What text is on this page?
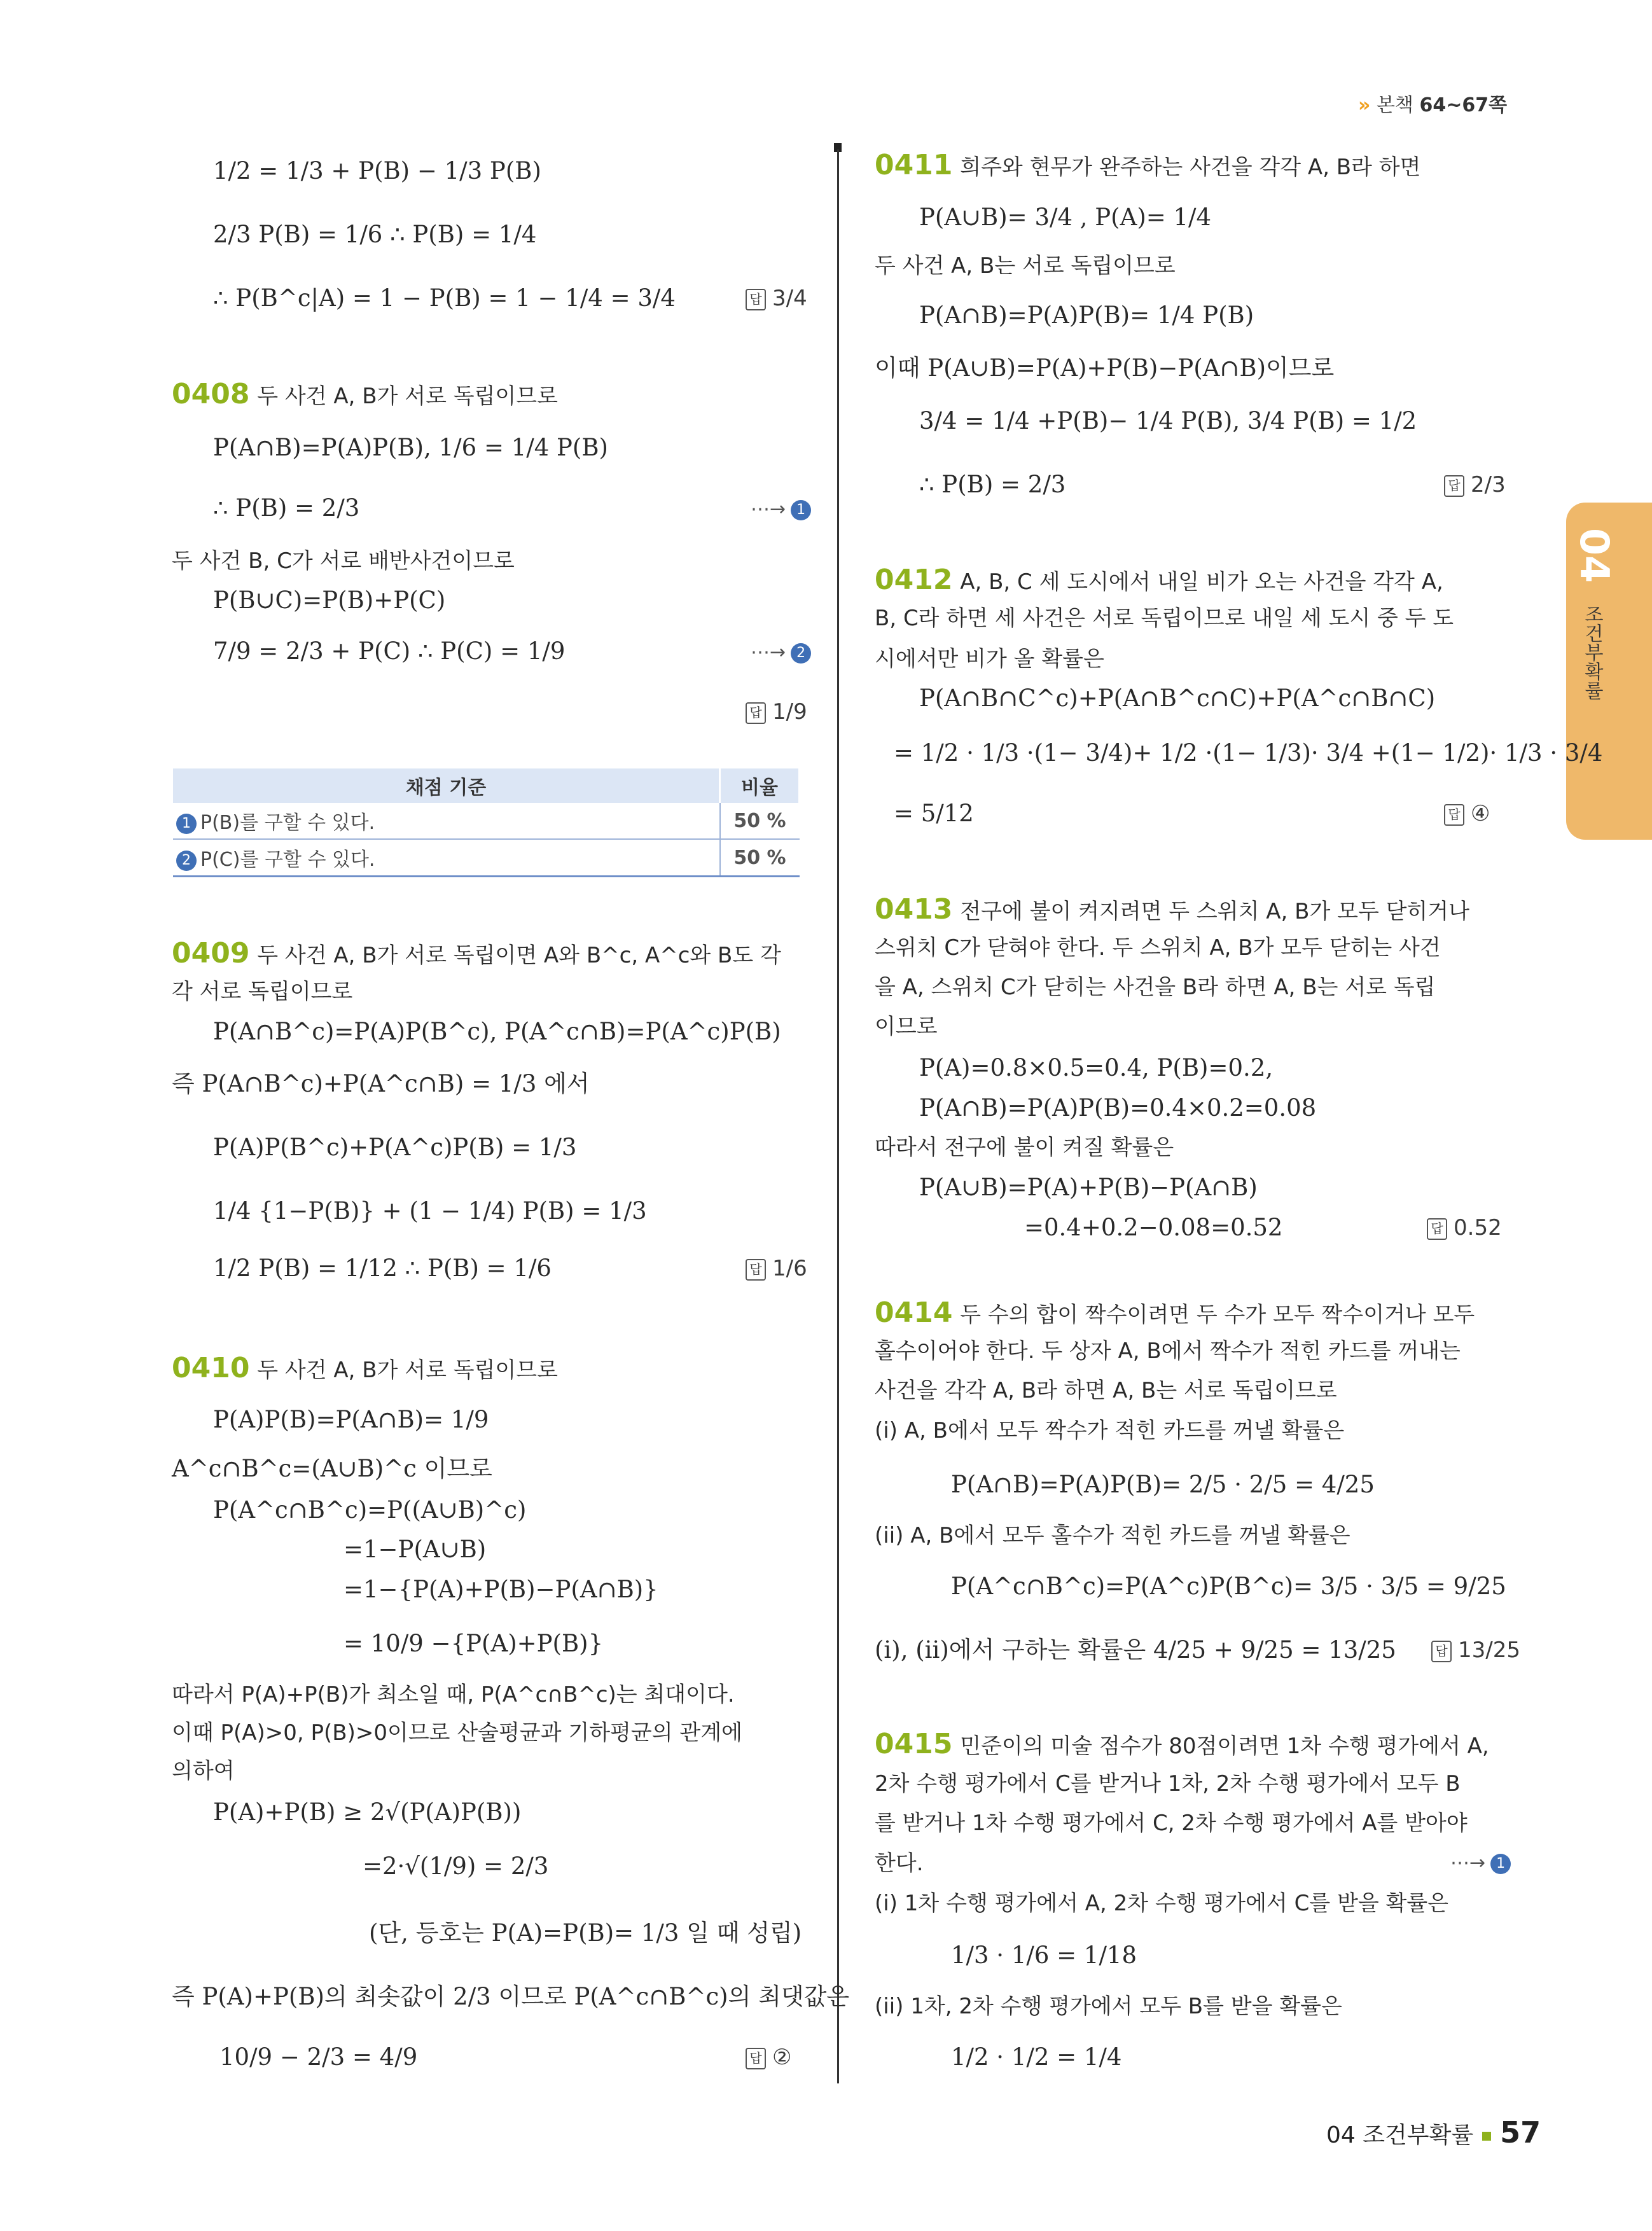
» 본책 64~67쪽
04
조건부확률
1/2 = 1/3 + P(B) − 1/3 P(B)
2/3 P(B) = 1/6 ∴ P(B) = 1/4
∴ P(B^c|A) = 1 − P(B) = 1 − 1/4 = 3/4	답 3/4
0408 두 사건 A, B가 서로 독립이므로
P(A∩B)=P(A)P(B), 1/6 = 1/4 P(B)
∴ P(B) = 2/3	⋯→ 1
두 사건 B, C가 서로 배반사건이므로
P(B∪C)=P(B)+P(C)
7/9 = 2/3 + P(C) ∴ P(C) = 1/9	⋯→ 2
답 1/9
채점 기준	비율
1 P(B)를 구할 수 있다.	50 %
2 P(C)를 구할 수 있다.	50 %
0409 두 사건 A, B가 서로 독립이면 A와 B^c, A^c와 B도 각
각 서로 독립이므로
P(A∩B^c)=P(A)P(B^c), P(A^c∩B)=P(A^c)P(B)
즉 P(A∩B^c)+P(A^c∩B) = 1/3 에서
P(A)P(B^c)+P(A^c)P(B) = 1/3
1/4 {1−P(B)} + (1 − 1/4) P(B) = 1/3
1/2 P(B) = 1/12 ∴ P(B) = 1/6	답 1/6
0410 두 사건 A, B가 서로 독립이므로
P(A)P(B)=P(A∩B)= 1/9
A^c∩B^c=(A∪B)^c 이므로
P(A^c∩B^c)=P((A∪B)^c)
=1−P(A∪B)
=1−{P(A)+P(B)−P(A∩B)}
= 10/9 −{P(A)+P(B)}
따라서 P(A)+P(B)가 최소일 때, P(A^c∩B^c)는 최대이다.
이때 P(A)>0, P(B)>0이므로 산술평균과 기하평균의 관계에
의하여
P(A)+P(B) ≥ 2√(P(A)P(B))
=2·√(1/9) = 2/3
(단, 등호는 P(A)=P(B)= 1/3 일 때 성립)
즉 P(A)+P(B)의 최솟값이 2/3 이므로 P(A^c∩B^c)의 최댓값은
10/9 − 2/3 = 4/9	답 ②
0411 희주와 현무가 완주하는 사건을 각각 A, B라 하면
P(A∪B)= 3/4 , P(A)= 1/4
두 사건 A, B는 서로 독립이므로
P(A∩B)=P(A)P(B)= 1/4 P(B)
이때 P(A∪B)=P(A)+P(B)−P(A∩B)이므로
3/4 = 1/4 +P(B)− 1/4 P(B), 3/4 P(B) = 1/2
∴ P(B) = 2/3	답 2/3
0412 A, B, C 세 도시에서 내일 비가 오는 사건을 각각 A,
B, C라 하면 세 사건은 서로 독립이므로 내일 세 도시 중 두 도
시에서만 비가 올 확률은
P(A∩B∩C^c)+P(A∩B^c∩C)+P(A^c∩B∩C)
= 1/2 · 1/3 ·(1− 3/4)+ 1/2 ·(1− 1/3)· 3/4 +(1− 1/2)· 1/3 · 3/4
= 5/12	답 ④
0413 전구에 불이 켜지려면 두 스위치 A, B가 모두 닫히거나
스위치 C가 닫혀야 한다. 두 스위치 A, B가 모두 닫히는 사건
을 A, 스위치 C가 닫히는 사건을 B라 하면 A, B는 서로 독립
이므로
P(A)=0.8×0.5=0.4, P(B)=0.2,
P(A∩B)=P(A)P(B)=0.4×0.2=0.08
따라서 전구에 불이 켜질 확률은
P(A∪B)=P(A)+P(B)−P(A∩B)
=0.4+0.2−0.08=0.52	답 0.52
0414 두 수의 합이 짝수이려면 두 수가 모두 짝수이거나 모두
홀수이어야 한다. 두 상자 A, B에서 짝수가 적힌 카드를 꺼내는
사건을 각각 A, B라 하면 A, B는 서로 독립이므로
(i) A, B에서 모두 짝수가 적힌 카드를 꺼낼 확률은
P(A∩B)=P(A)P(B)= 2/5 · 2/5 = 4/25
(ii) A, B에서 모두 홀수가 적힌 카드를 꺼낼 확률은
P(A^c∩B^c)=P(A^c)P(B^c)= 3/5 · 3/5 = 9/25
(i), (ii)에서 구하는 확률은 4/25 + 9/25 = 13/25	답 13/25
0415 민준이의 미술 점수가 80점이려면 1차 수행 평가에서 A,
2차 수행 평가에서 C를 받거나 1차, 2차 수행 평가에서 모두 B
를 받거나 1차 수행 평가에서 C, 2차 수행 평가에서 A를 받아야
한다.	⋯→ 1
(i) 1차 수행 평가에서 A, 2차 수행 평가에서 C를 받을 확률은
1/3 · 1/6 = 1/18
(ii) 1차, 2차 수행 평가에서 모두 B를 받을 확률은
1/2 · 1/2 = 1/4
04 조건부확률 57
